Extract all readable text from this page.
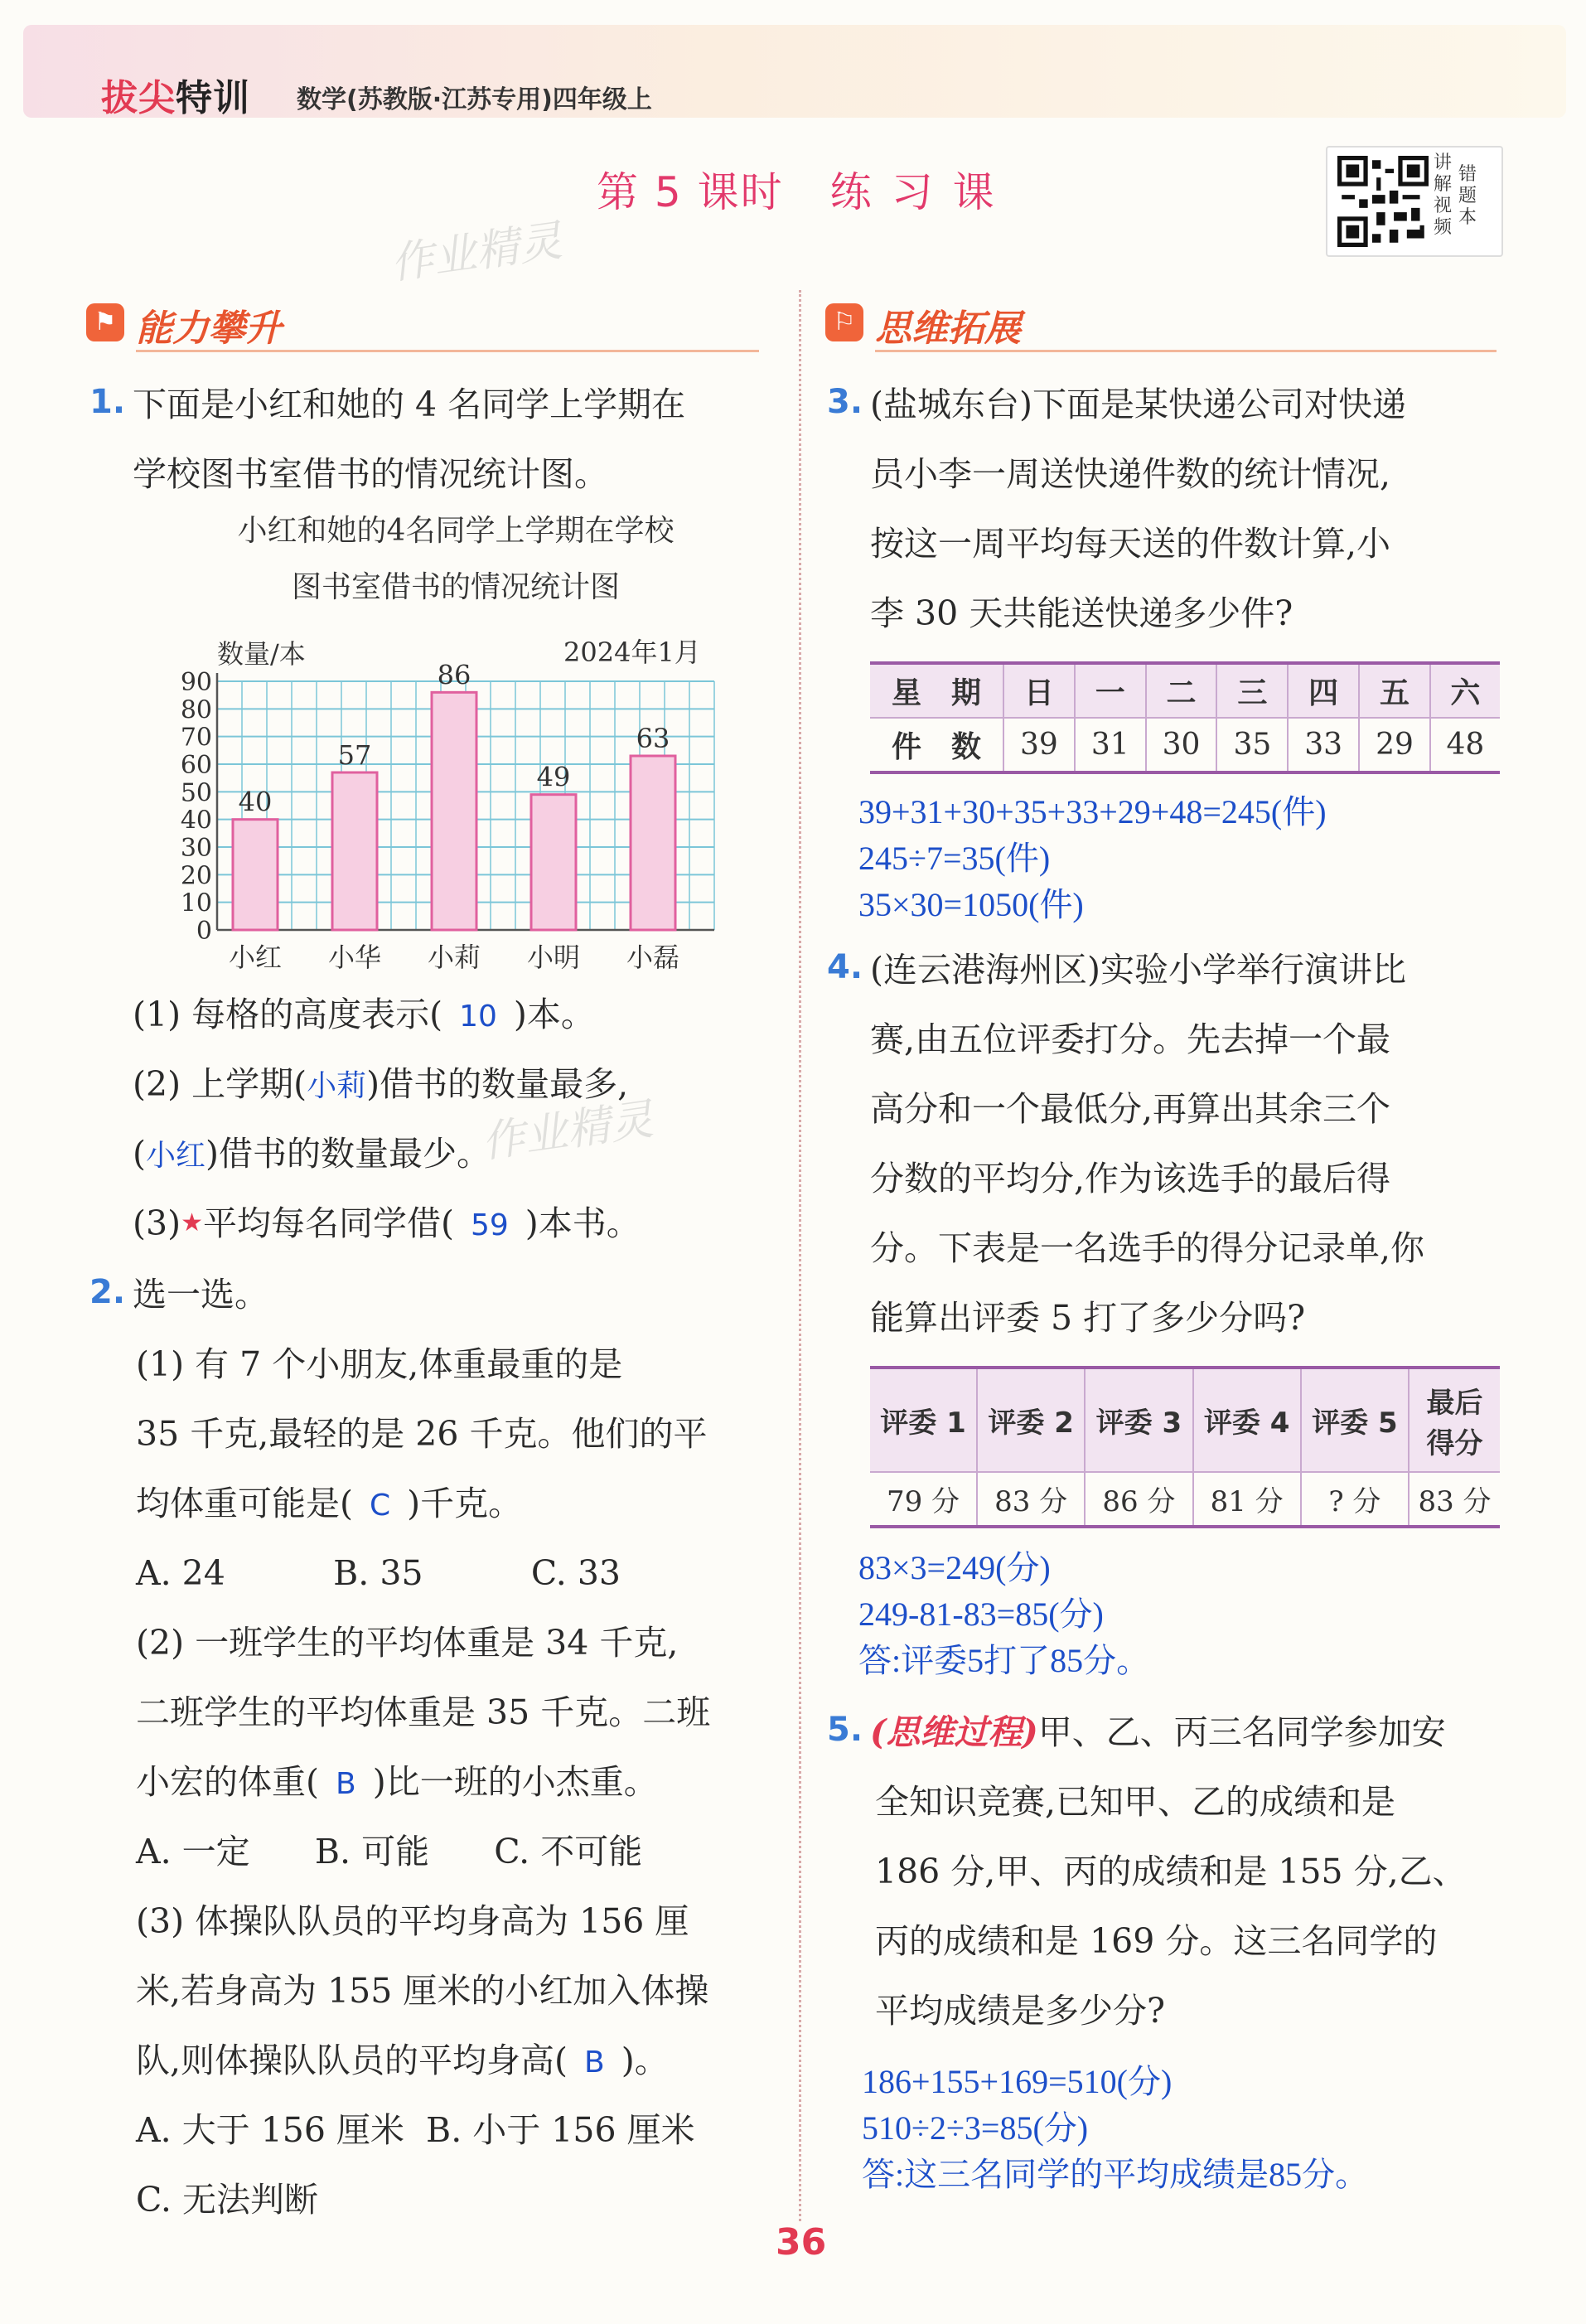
拔尖特训 数学(苏教版·江苏专用)四年级上
第 5 课时 练习课
讲解视频
错题本
作业精灵
作业精灵
⚑ 能力攀升	⚐ 思维拓展
1. 下面是小红和她的 4 名同学上学期在
学校图书室借书的情况统计图。
小红和她的4名同学上学期在学校
图书室借书的情况统计图
数量/本	2024年1月
0
10
20
30
40
50
60
70
80
90
40
小红
57
小华
86
小莉
49
小明
63
小磊
(1) 每格的高度表示( 10 )本。
(2) 上学期(小莉)借书的数量最多,
(小红)借书的数量最少。
(3)★平均每名同学借( 59 )本书。
2. 选一选。
(1) 有 7 个小朋友,体重最重的是
35 千克,最轻的是 26 千克。他们的平
均体重可能是( C )千克。
A. 24          B. 35          C. 33
(2) 一班学生的平均体重是 34 千克,
二班学生的平均体重是 35 千克。二班
小宏的体重( B )比一班的小杰重。
A. 一定      B. 可能      C. 不可能
(3) 体操队队员的平均身高为 156 厘
米,若身高为 155 厘米的小红加入体操
队,则体操队队员的平均身高( B )。
A. 大于 156 厘米  B. 小于 156 厘米
C. 无法判断
3. (盐城东台)下面是某快递公司对快递
员小李一周送快递件数的统计情况,
按这一周平均每天送的件数计算,小
李 30 天共能送快递多少件?
星　期	日	一	二	三	四	五	六
件　数	39	31	30	35	33	29	48
39+31+30+35+33+29+48=245(件)
245÷7=35(件)
35×30=1050(件)
4. (连云港海州区)实验小学举行演讲比
赛,由五位评委打分。先去掉一个最
高分和一个最低分,再算出其余三个
分数的平均分,作为该选手的最后得
分。下表是一名选手的得分记录单,你
能算出评委 5 打了多少分吗?
评委 1	评委 2	评委 3	评委 4	评委 5	最后
得分

79 分	83 分	86 分	81 分	? 分	83 分
83×3=249(分)
249-81-83=85(分)
答:评委5打了85分。
5. (思维过程)甲、乙、丙三名同学参加安
全知识竞赛,已知甲、乙的成绩和是
186 分,甲、丙的成绩和是 155 分,乙、
丙的成绩和是 169 分。这三名同学的
平均成绩是多少分?
186+155+169=510(分)
510÷2÷3=85(分)
答:这三名同学的平均成绩是85分。
36
